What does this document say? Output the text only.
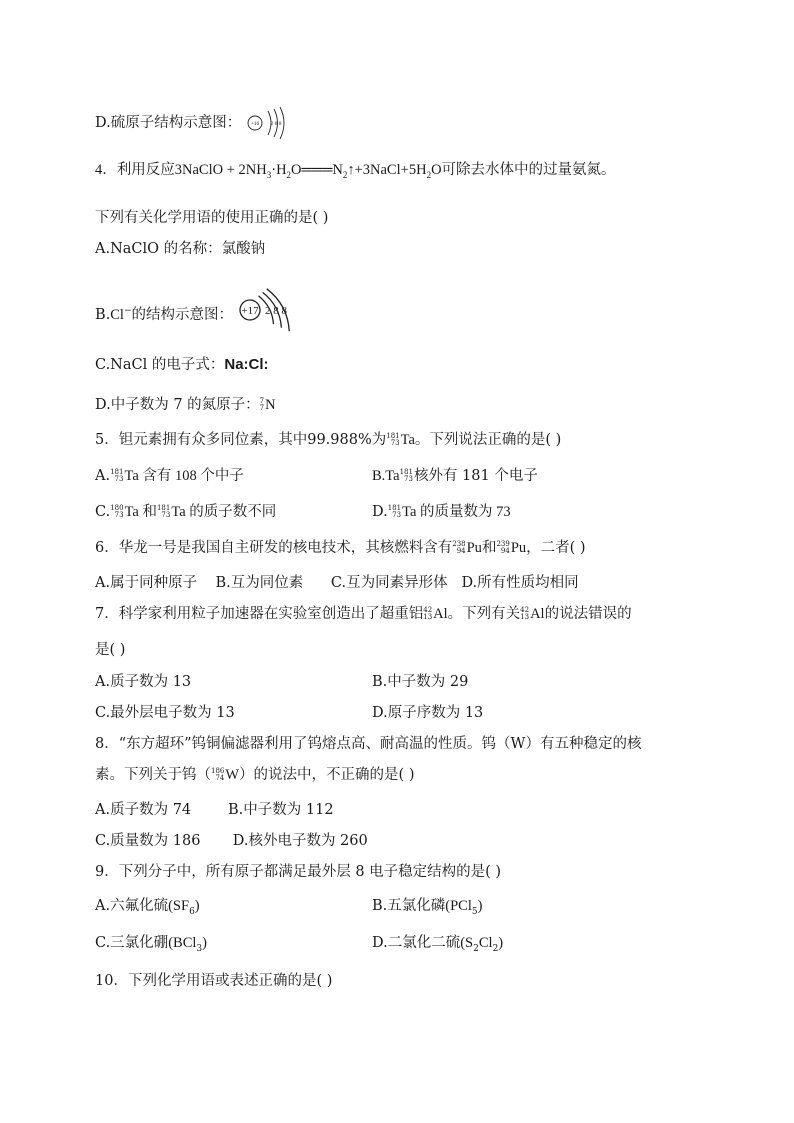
D.硫原子结构示意图： +16 2 8 8
4．利用反应3NaClO + $2NH_3\cdot H_2O═══N_2↑+3NaCl+5H_2O$可除去水体中的过量氨氮。
下列有关化学用语的使用正确的是( )
A.NaClO 的名称：氯酸钠
B.Cl−的结构示意图： +17 2 8 8
C.NaCl 的电子式：Na:Cl:
D.中子数为 7 的氮原子： 7
7 N
5．钽元素拥有众多同位素，其中99.988%为 181
73 Ta。下列说法正确的是( )
A. 181
73 Ta 含有 108 个中子	B.Ta 181
73 核外有 181 个电子
C. 180
73 Ta 和 181
73 Ta 的质子数不同	D. 181
73 Ta 的质量数为 73
6．华龙一号是我国自主研发的核电技术，其核燃料含有 238
94 Pu和 239
94 Pu，二者( )
A.属于同种原子    B.互为同位素      C.互为同素异形体   D.所有性质均相同
7．科学家利用粒子加速器在实验室创造出了超重铝 42
13 Al。下列有关 42
13 Al的说法错误的
是( )
A.质子数为 13	B.中子数为 29
C.最外层电子数为 13	D.原子序数为 13
8．“东方超环”钨铜偏滤器利用了钨熔点高、耐高温的性质。钨（W）有五种稳定的核
素。下列关于钨（ 186
74 W）的说法中，不正确的是( )
A.质子数为 74        B.中子数为 112
C.质量数为 186       D.核外电子数为 260
9．下列分子中，所有原子都满足最外层 8 电子稳定结构的是( )
A.六氟化硫$(SF_6)$	B.五氯化磷(PCl$_5$)
C.三氯化硼(BCl$_3$)	D.二氯化二硫$(S_2Cl_2)$
10．下列化学用语或表述正确的是( )
